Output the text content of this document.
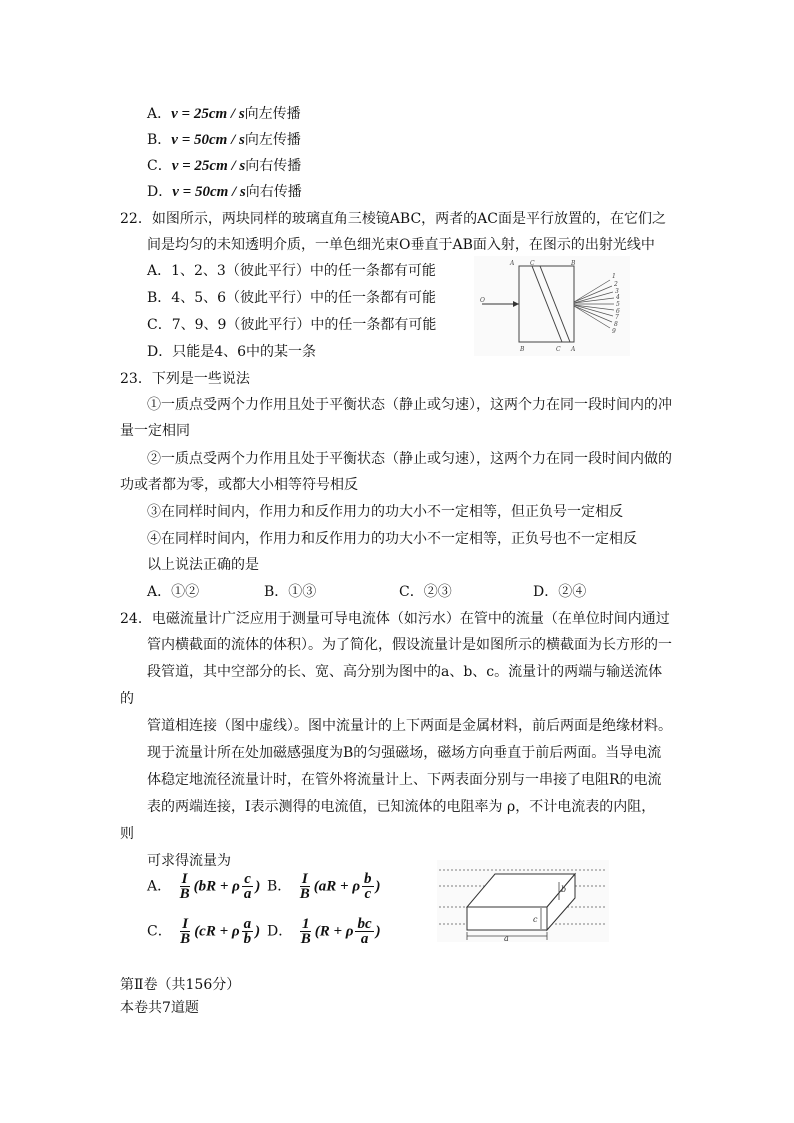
A．v = 25cm / s向左传播
B．v = 50cm / s向左传播
C．v = 25cm / s向右传播
D．v = 50cm / s向右传播
22．如图所示，两块同样的玻璃直角三棱镜ABC，两者的AC面是平行放置的，在它们之
间是均匀的未知透明介质，一单色细光束O垂直于AB面入射，在图示的出射光线中
A．1、2、3（彼此平行）中的任一条都有可能
B．4、5、6（彼此平行）中的任一条都有可能
C．7、9、9（彼此平行）中的任一条都有可能
D．只能是4、6中的某一条
A	C	B
B	C A
O
1
2
3
4
5
6
7
8
9
23．下列是一些说法
①一质点受两个力作用且处于平衡状态（静止或匀速），这两个力在同一段时间内的冲
量一定相同
②一质点受两个力作用且处于平衡状态（静止或匀速），这两个力在同一段时间内做的
功或者都为零，或都大小相等符号相反
③在同样时间内，作用力和反作用力的功大小不一定相等，但正负号一定相反
④在同样时间内，作用力和反作用力的功大小不一定相等，正负号也不一定相反
以上说法正确的是
A．①②	B．①③	C．②③	D．②④
24．电磁流量计广泛应用于测量可导电流体（如污水）在管中的流量（在单位时间内通过
管内横截面的流体的体积）。为了简化，假设流量计是如图所示的横截面为长方形的一
段管道，其中空部分的长、宽、高分别为图中的a、b、c。流量计的两端与输送流体
的
管道相连接（图中虚线）。图中流量计的上下两面是金属材料，前后两面是绝缘材料。
现于流量计所在处加磁感强度为B的匀强磁场，磁场方向垂直于前后两面。当导电流
体稳定地流径流量计时，在管外将流量计上、下两表面分别与一串接了电阻R的电流
表的两端连接，I表示测得的电流值，已知流体的电阻率为 ρ，不计电流表的内阻，
则
可求得流量为
A． $\frac{I}{B} (bR + \rho \frac{c}{a}$ ) B． $\frac{I}{B} (aR + \rho \frac{b}{c}$ )
C． $\frac{I}{B} (cR + \rho \frac{a}{b}$ ) D． $\frac{1}{B} (R + \rho \frac{bc}{a}$ )	a
b
c
第Ⅱ卷（共156分）
本卷共7道题
